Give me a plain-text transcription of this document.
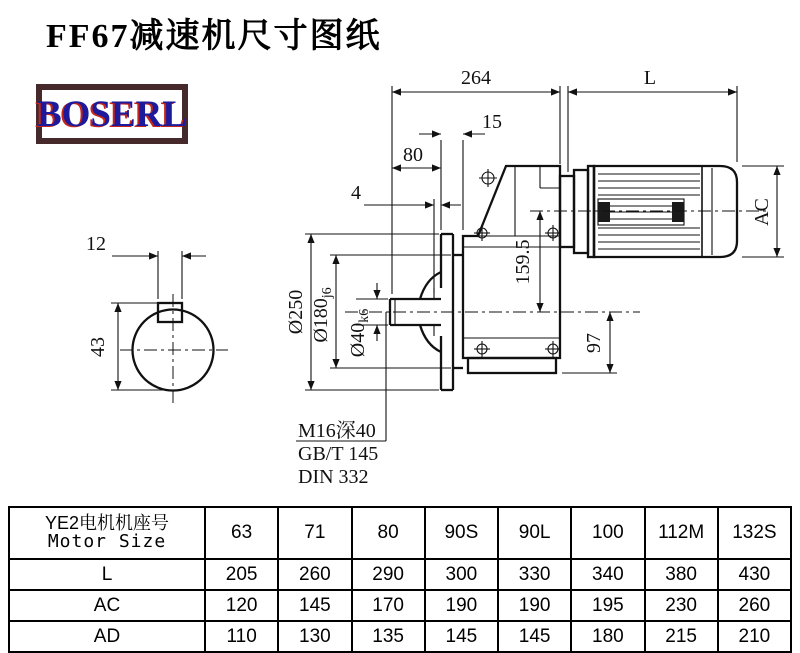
FF67减速机尺寸图纸
BOSERL
12
43
264	L
15
80
4
AC
159.5
97
Ø250 $Ø180_{j6}$
$Ø40_{k6}$
M16深40
GB/T 145
DIN 332
YE2电机机座号
Motor Size	63	71	80	90S	90L	100	112M	132S
L	205	260	290	300	330	340	380	430
AC	120	145	170	190	190	195	230	260
AD	110	130	135	145	145	180	215	210
